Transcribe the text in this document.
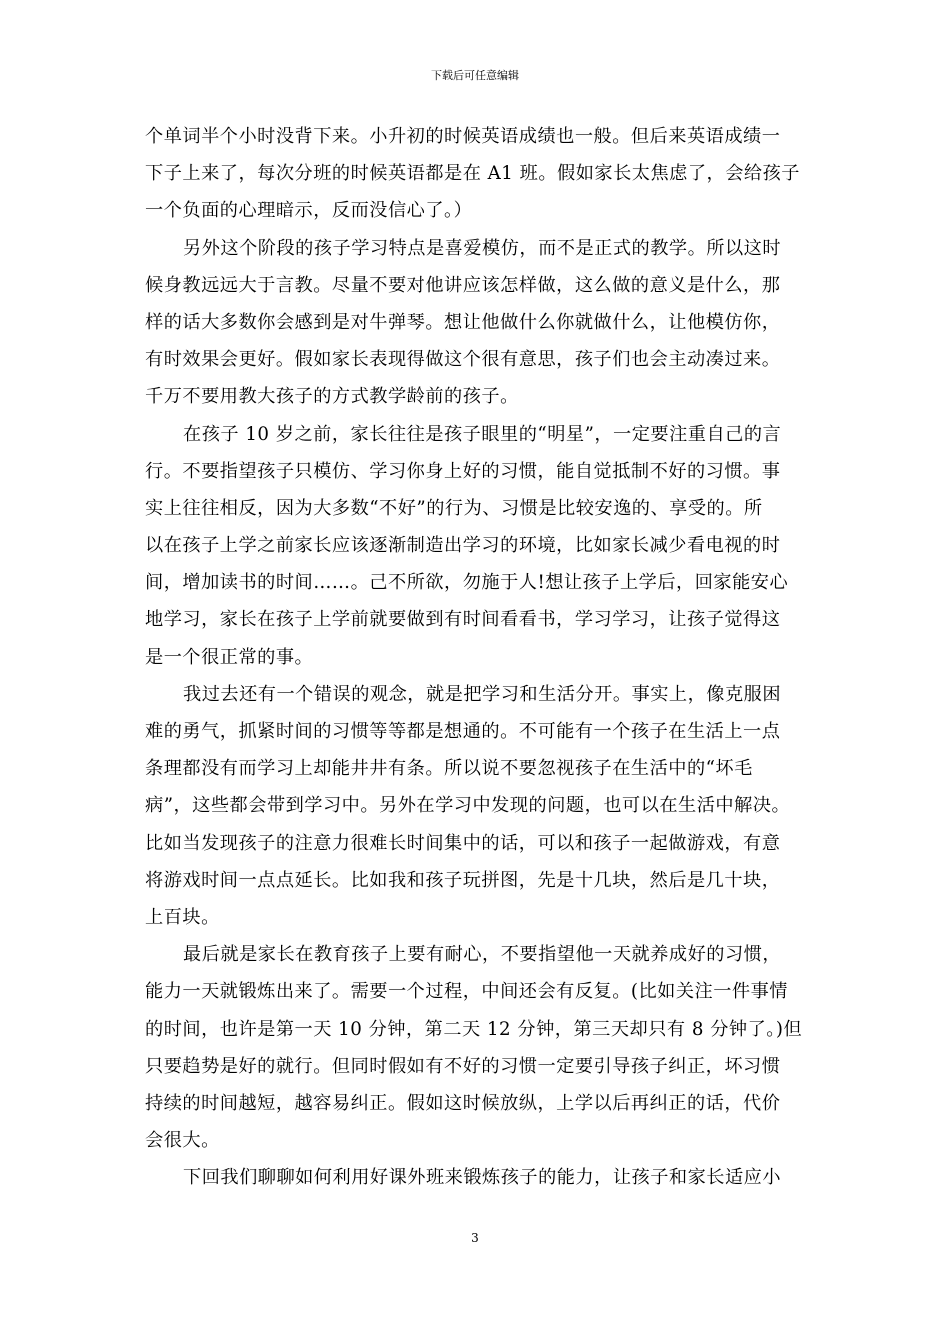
下载后可任意编辑
个单词半个小时没背下来。小升初的时候英语成绩也一般。但后来英语成绩一
下子上来了，每次分班的时候英语都是在 A1 班。假如家长太焦虑了，会给孩子
一个负面的心理暗示，反而没信心了。）
另外这个阶段的孩子学习特点是喜爱模仿，而不是正式的教学。所以这时
候身教远远大于言教。尽量不要对他讲应该怎样做，这么做的意义是什么，那
样的话大多数你会感到是对牛弹琴。想让他做什么你就做什么，让他模仿你，
有时效果会更好。假如家长表现得做这个很有意思，孩子们也会主动凑过来。
千万不要用教大孩子的方式教学龄前的孩子。
在孩子 10 岁之前，家长往往是孩子眼里的“明星”，一定要注重自己的言
行。不要指望孩子只模仿、学习你身上好的习惯，能自觉抵制不好的习惯。事
实上往往相反，因为大多数“不好”的行为、习惯是比较安逸的、享受的。所
以在孩子上学之前家长应该逐渐制造出学习的环境，比如家长减少看电视的时
间，增加读书的时间……。己不所欲，勿施于人!想让孩子上学后，回家能安心
地学习，家长在孩子上学前就要做到有时间看看书，学习学习，让孩子觉得这
是一个很正常的事。
我过去还有一个错误的观念，就是把学习和生活分开。事实上，像克服困
难的勇气，抓紧时间的习惯等等都是想通的。不可能有一个孩子在生活上一点
条理都没有而学习上却能井井有条。所以说不要忽视孩子在生活中的“坏毛
病”，这些都会带到学习中。另外在学习中发现的问题，也可以在生活中解决。
比如当发现孩子的注意力很难长时间集中的话，可以和孩子一起做游戏，有意
将游戏时间一点点延长。比如我和孩子玩拼图，先是十几块，然后是几十块，
上百块。
最后就是家长在教育孩子上要有耐心，不要指望他一天就养成好的习惯，
能力一天就锻炼出来了。需要一个过程，中间还会有反复。(比如关注一件事情
的时间，也许是第一天 10 分钟，第二天 12 分钟，第三天却只有 8 分钟了。)但
只要趋势是好的就行。但同时假如有不好的习惯一定要引导孩子纠正，坏习惯
持续的时间越短，越容易纠正。假如这时候放纵，上学以后再纠正的话，代价
会很大。
下回我们聊聊如何利用好课外班来锻炼孩子的能力，让孩子和家长适应小
3
